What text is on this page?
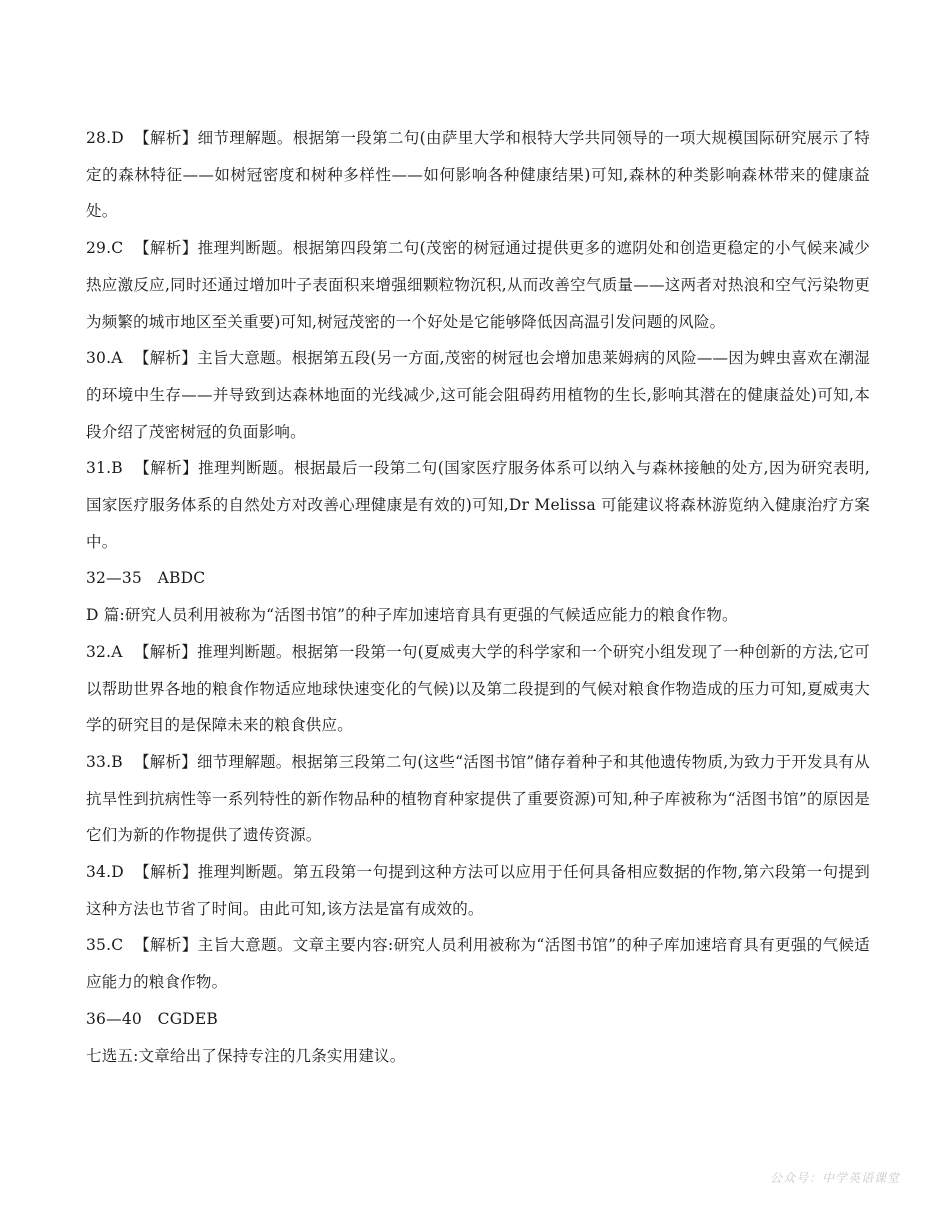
28.D 【解析】细节理解题。根据第一段第二句(由萨里大学和根特大学共同领导的一项大规模国际研究展示了特定的森林特征——如树冠密度和树种多样性——如何影响各种健康结果)可知,森林的种类影响森林带来的健康益处。

29.C 【解析】推理判断题。根据第四段第二句(茂密的树冠通过提供更多的遮阴处和创造更稳定的小气候来减少热应激反应,同时还通过增加叶子表面积来增强细颗粒物沉积,从而改善空气质量——这两者对热浪和空气污染物更为频繁的城市地区至关重要)可知,树冠茂密的一个好处是它能够降低因高温引发问题的风险。

30.A 【解析】主旨大意题。根据第五段(另一方面,茂密的树冠也会增加患莱姆病的风险——因为蜱虫喜欢在潮湿的环境中生存——并导致到达森林地面的光线减少,这可能会阻碍药用植物的生长,影响其潜在的健康益处)可知,本段介绍了茂密树冠的负面影响。

31.B 【解析】推理判断题。根据最后一段第二句(国家医疗服务体系可以纳入与森林接触的处方,因为研究表明,国家医疗服务体系的自然处方对改善心理健康是有效的)可知,Dr Melissa 可能建议将森林游览纳入健康治疗方案中。

32—35　ABDC

D 篇:研究人员利用被称为“活图书馆”的种子库加速培育具有更强的气候适应能力的粮食作物。

32.A 【解析】推理判断题。根据第一段第一句(夏威夷大学的科学家和一个研究小组发现了一种创新的方法,它可以帮助世界各地的粮食作物适应地球快速变化的气候)以及第二段提到的气候对粮食作物造成的压力可知,夏威夷大学的研究目的是保障未来的粮食供应。

33.B 【解析】细节理解题。根据第三段第二句(这些“活图书馆”储存着种子和其他遗传物质,为致力于开发具有从抗旱性到抗病性等一系列特性的新作物品种的植物育种家提供了重要资源)可知,种子库被称为“活图书馆”的原因是它们为新的作物提供了遗传资源。

34.D 【解析】推理判断题。第五段第一句提到这种方法可以应用于任何具备相应数据的作物,第六段第一句提到这种方法也节省了时间。由此可知,该方法是富有成效的。

35.C 【解析】主旨大意题。文章主要内容:研究人员利用被称为“活图书馆”的种子库加速培育具有更强的气候适应能力的粮食作物。

36—40　CGDEB

七选五:文章给出了保持专注的几条实用建议。

公众号：中学英语课堂
